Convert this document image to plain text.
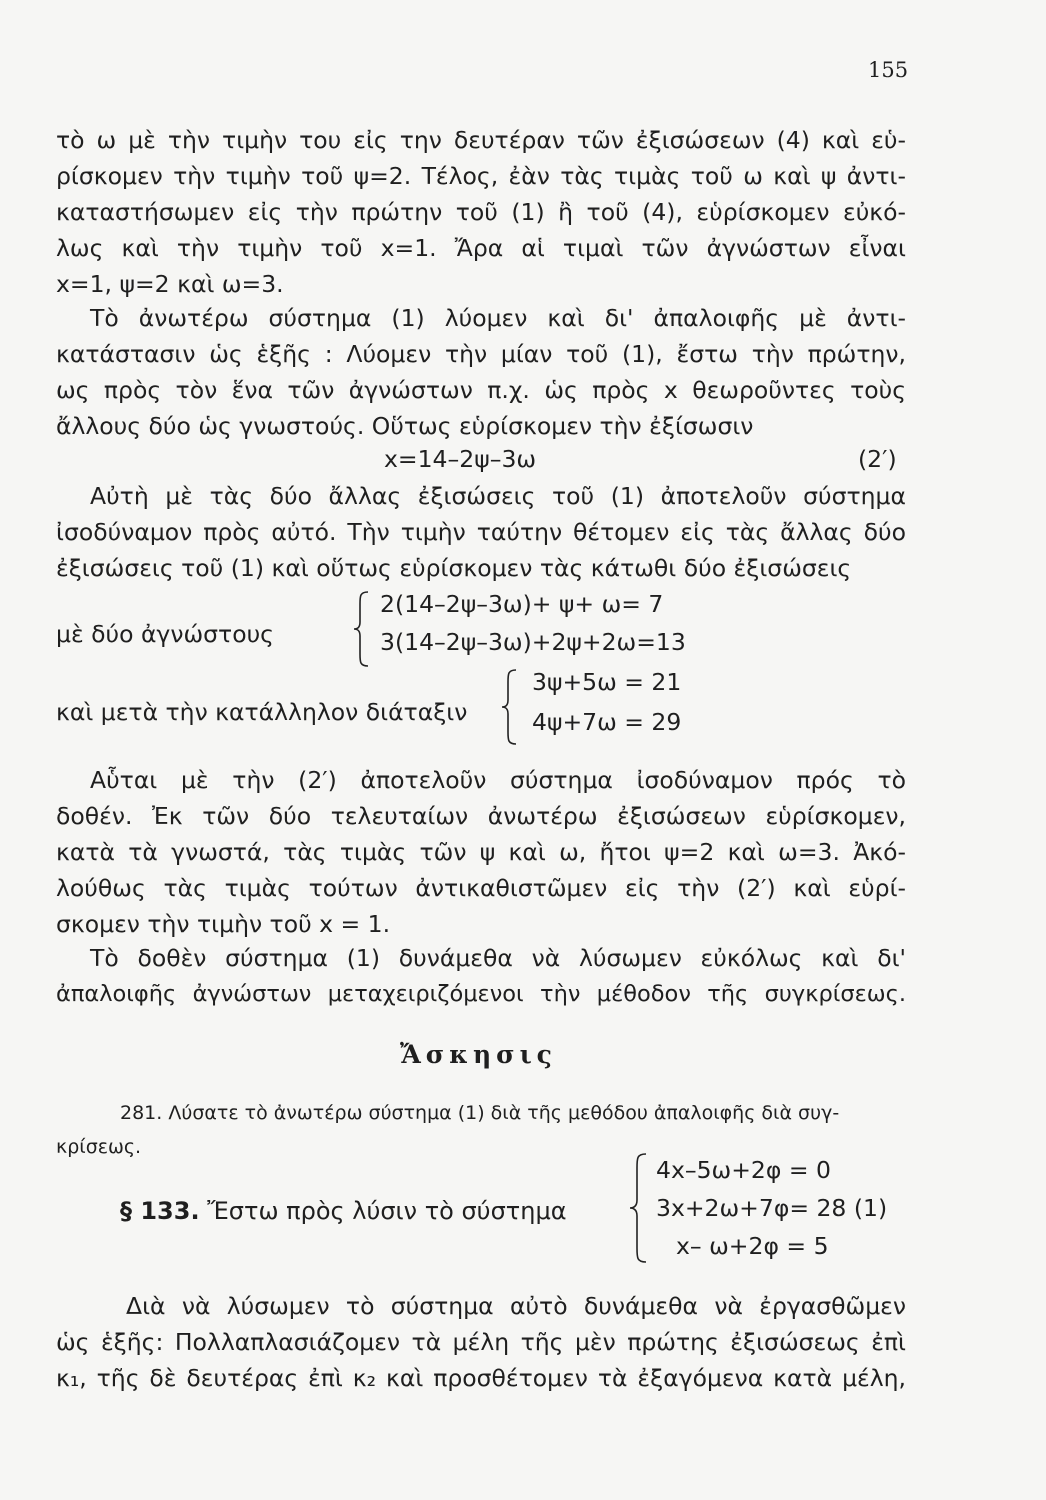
155
τὸ ω μὲ τὴν τιμὴν του εἰς την δευτέραν τῶν ἐξισώσεων (4) καὶ εὑ-
ρίσκομεν τὴν τιμὴν τοῦ ψ=2. Τέλος, ἐὰν τὰς τιμὰς τοῦ ω καὶ ψ ἀντι-
καταστήσωμεν εἰς τὴν πρώτην τοῦ (1) ἢ τοῦ (4), εὑρίσκομεν εὐκό-
λως καὶ τὴν τιμὴν τοῦ x=1. Ἄρα αἱ τιμαὶ τῶν ἀγνώστων εἶναι
x=1, ψ=2 καὶ ω=3.
Τὸ ἀνωτέρω σύστημα (1) λύομεν καὶ δι' ἀπαλοιφῆς μὲ ἀντι-
κατάστασιν ὡς ἑξῆς : Λύομεν τὴν μίαν τοῦ (1), ἔστω τὴν πρώτην,
ως πρὸς τὸν ἕνα τῶν ἀγνώστων π.χ. ὡς πρὸς x θεωροῦντες τοὺς
ἄλλους δύο ὡς γνωστούς. Οὕτως εὑρίσκομεν τὴν ἐξίσωσιν
x=14–2ψ–3ω	(2′)
Αὐτὴ μὲ τὰς δύο ἄλλας ἐξισώσεις τοῦ (1) ἀποτελοῦν σύστημα
ἰσοδύναμον πρὸς αὐτό. Τὴν τιμὴν ταύτην θέτομεν εἰς τὰς ἄλλας δύο
ἐξισώσεις τοῦ (1) καὶ οὕτως εὑρίσκομεν τὰς κάτωθι δύο ἐξισώσεις
μὲ δύο ἀγνώστους
2(14–2ψ–3ω)+ ψ+ ω= 7
3(14–2ψ–3ω)+2ψ+2ω=13
καὶ μετὰ τὴν κατάλληλον διάταξιν
3ψ+5ω = 21
4ψ+7ω = 29
Αὗται μὲ τὴν (2′) ἀποτελοῦν σύστημα ἰσοδύναμον πρός τὸ
δοθέν. Ἐκ τῶν δύο τελευταίων ἀνωτέρω ἐξισώσεων εὑρίσκομεν,
κατὰ τὰ γνωστά, τὰς τιμὰς τῶν ψ καὶ ω, ἤτοι ψ=2 καὶ ω=3. Ἀκό-
λούθως τὰς τιμὰς τούτων ἀντικαθιστῶμεν εἰς τὴν (2′) καὶ εὑρί-
σκομεν τὴν τιμὴν τοῦ x = 1.
Τὸ δοθὲν σύστημα (1) δυνάμεθα νὰ λύσωμεν εὐκόλως καὶ δι'
ἀπαλοιφῆς ἀγνώστων μεταχειριζόμενοι τὴν μέθοδον τῆς συγκρίσεως.
Ἄσκησις
281. Λύσατε τὸ ἀνωτέρω σύστημα (1) διὰ τῆς μεθόδου ἀπαλοιφῆς διὰ συγ-
κρίσεως.
§ 133. Ἔστω πρὸς λύσιν τὸ σύστημα
4x–5ω+2φ = 0
3x+2ω+7φ= 28 (1)
x– ω+2φ = 5
Διὰ νὰ λύσωμεν τὸ σύστημα αὐτὸ δυνάμεθα νὰ ἐργασθῶμεν
ὡς ἑξῆς: Πολλαπλασιάζομεν τὰ μέλη τῆς μὲν πρώτης ἐξισώσεως ἐπὶ
κ₁, τῆς δὲ δευτέρας ἐπὶ κ₂ καὶ προσθέτομεν τὰ ἐξαγόμενα κατὰ μέλη,
